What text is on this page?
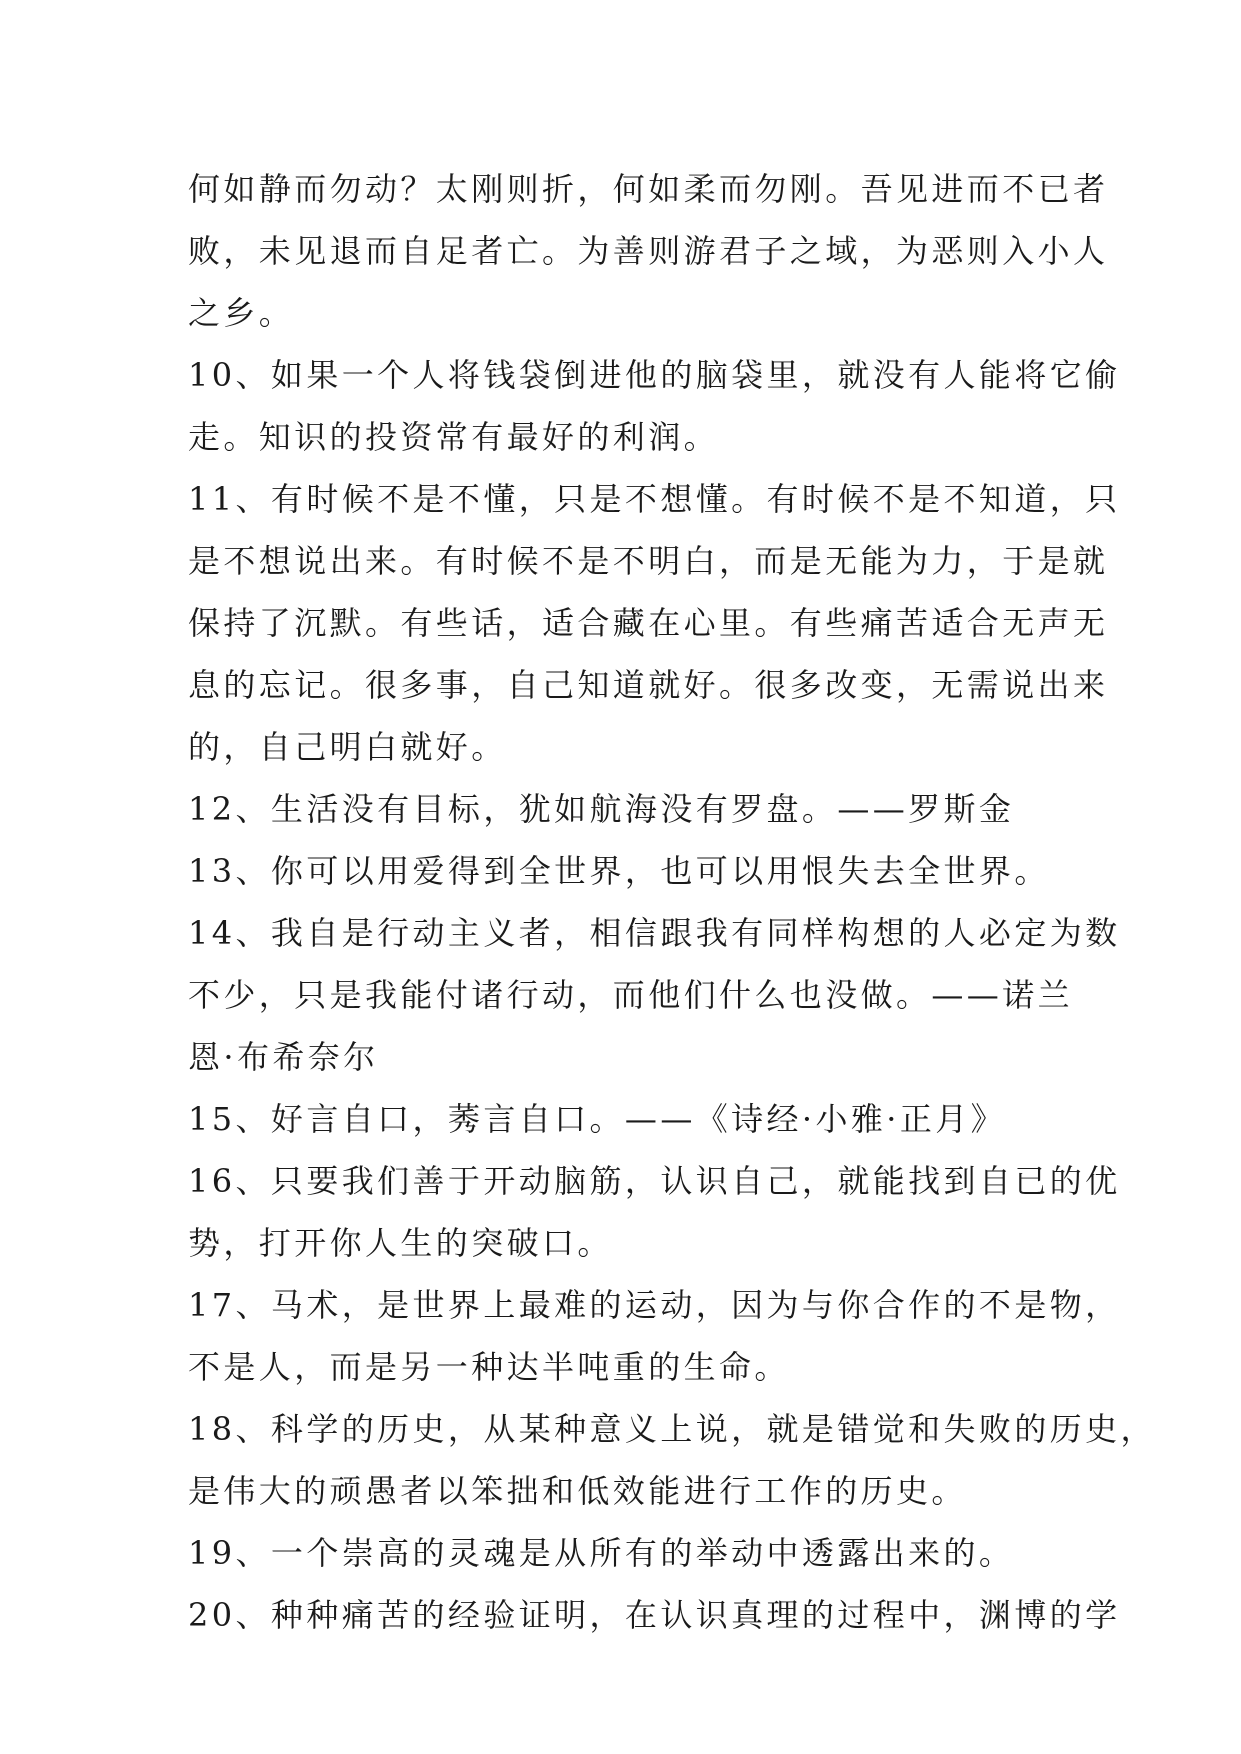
何如静而勿动？太刚则折，何如柔而勿刚。吾见进而不已者
败，未见退而自足者亡。为善则游君子之域，为恶则入小人
之乡。
10、如果一个人将钱袋倒进他的脑袋里，就没有人能将它偷
走。知识的投资常有最好的利润。
11、有时候不是不懂，只是不想懂。有时候不是不知道，只
是不想说出来。有时候不是不明白，而是无能为力，于是就
保持了沉默。有些话，适合藏在心里。有些痛苦适合无声无
息的忘记。很多事，自己知道就好。很多改变，无需说出来
的，自己明白就好。
12、生活没有目标，犹如航海没有罗盘。——罗斯金
13、你可以用爱得到全世界，也可以用恨失去全世界。
14、我自是行动主义者，相信跟我有同样构想的人必定为数
不少，只是我能付诸行动，而他们什么也没做。——诺兰
恩·布希奈尔
15、好言自口，莠言自口。——《诗经·小雅·正月》
16、只要我们善于开动脑筋，认识自己，就能找到自已的优
势，打开你人生的突破口。
17、马术，是世界上最难的运动，因为与你合作的不是物，
不是人，而是另一种达半吨重的生命。
18、科学的历史，从某种意义上说，就是错觉和失败的历史，
是伟大的顽愚者以笨拙和低效能进行工作的历史。
19、一个崇高的灵魂是从所有的举动中透露出来的。
20、种种痛苦的经验证明，在认识真理的过程中，渊博的学
